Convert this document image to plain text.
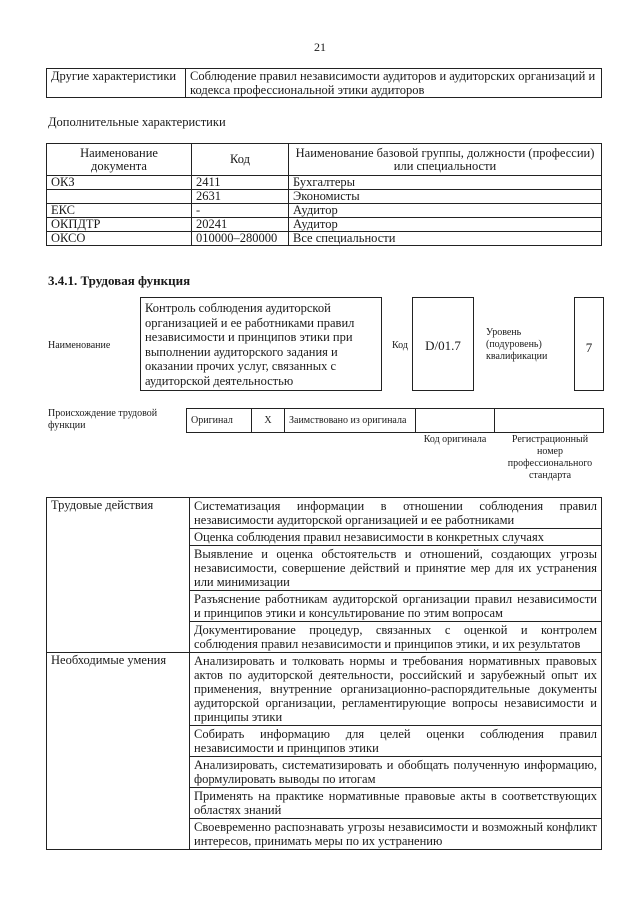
21
Другие характеристики	Соблюдение правил независимости аудиторов и аудиторских организаций и кодекса профессиональной этики аудиторов
Дополнительные характеристики
Наименование документа	Код	Наименование базовой группы, должности (профессии) или специальности
ОКЗ	2411	Бухгалтеры
	2631	Экономисты
ЕКС	-	Аудитор
ОКПДТР	20241	Аудитор
ОКСО	010000–280000	Все специальности
3.4.1. Трудовая функция
Наименование
Контроль соблюдения аудиторской организацией и ее работниками правил независимости и принципов этики при выполнении аудиторского задания и оказании прочих услуг, связанных с аудиторской деятельностью
Код	D/01.7
Уровень (подуровень) квалификации
7
Происхождение трудовой функции	Оригинал	X	Заимствовано из оригинала		
Код оригинала	Регистрационный номер профессионального стандарта
Трудовые действия	Систематизация информации в отношении соблюдения правил независимости аудиторской организацией и ее работниками
	Оценка соблюдения правил независимости в конкретных случаях
	Выявление и оценка обстоятельств и отношений, создающих угрозы независимости, совершение действий и принятие мер для их устранения или минимизации
	Разъяснение работникам аудиторской организации правил независимости и принципов этики и консультирование по этим вопросам
	Документирование процедур, связанных с оценкой и контролем соблюдения правил независимости и принципов этики, и их результатов
Необходимые умения	Анализировать и толковать нормы и требования нормативных правовых актов по аудиторской деятельности, российский и зарубежный опыт их применения, внутренние организационно-распорядительные документы аудиторской организации, регламентирующие вопросы независимости и принципы этики
	Собирать информацию для целей оценки соблюдения правил независимости и принципов этики
	Анализировать, систематизировать и обобщать полученную информацию, формулировать выводы по итогам
	Применять на практике нормативные правовые акты в соответствующих областях знаний
	Своевременно распознавать угрозы независимости и возможный конфликт интересов, принимать меры по их устранению
